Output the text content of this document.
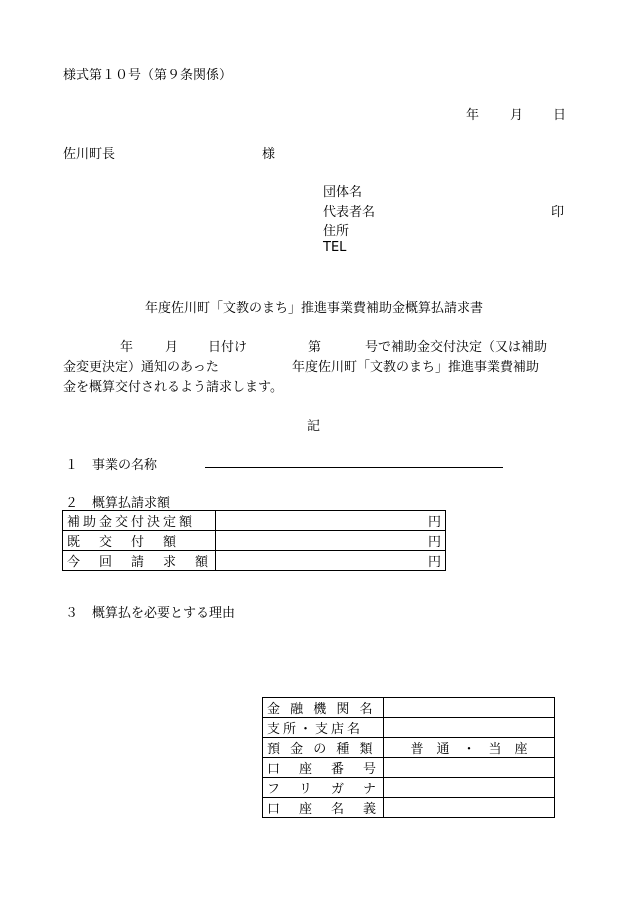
様式第１０号（第９条関係）
年 月 日
佐川町長	様
団体名
代表者名	印
住所
TEL
年度佐川町「文教のまち」推進事業費補助金概算払請求書
年 月 日付け	第	号で補助金交付決定（又は補助
金変更決定）通知のあった	年度佐川町「文教のまち」推進事業費補助
金を概算交付されるよう請求します。
記
１ 事業の名称
２ 概算払請求額
補助金交付決定額	円
既　交　付　額	円
今　回　請　求　額	円
３ 概算払を必要とする理由
金 融 機 関 名	
支所・支店名	
預 金 の 種 類	普　通　・　当　座
口　座　番　号	
フ　リ　ガ　ナ	
口　座　名　義	
